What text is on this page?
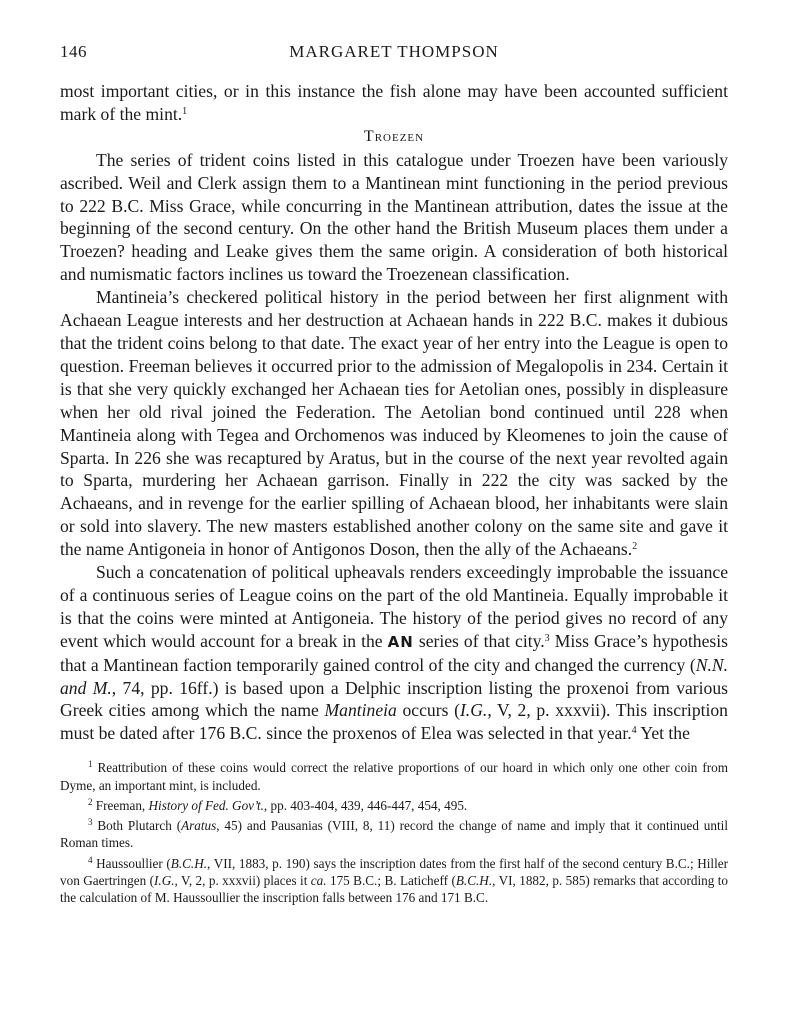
146	MARGARET THOMPSON

most important cities, or in this instance the fish alone may have been accounted sufficient mark of the mint.$^1$

Troezen

The series of trident coins listed in this catalogue under Troezen have been variously ascribed. Weil and Clerk assign them to a Mantinean mint functioning in the period previous to 222 B.C. Miss Grace, while concurring in the Mantinean attribution, dates the issue at the beginning of the second century. On the other hand the British Museum places them under a Troezen? heading and Leake gives them the same origin. A consideration of both historical and numismatic factors inclines us toward the Troezenean classification.

Mantineia’s checkered political history in the period between her first alignment with Achaean League interests and her destruction at Achaean hands in 222 B.C. makes it dubious that the trident coins belong to that date. The exact year of her entry into the League is open to question. Freeman believes it occurred prior to the admission of Megalopolis in 234. Certain it is that she very quickly exchanged her Achaean ties for Aetolian ones, possibly in displeasure when her old rival joined the Federation. The Aetolian bond continued until 228 when Mantineia along with Tegea and Orchomenos was induced by Kleomenes to join the cause of Sparta. In 226 she was recaptured by Aratus, but in the course of the next year revolted again to Sparta, murdering her Achaean garrison. Finally in 222 the city was sacked by the Achaeans, and in revenge for the earlier spilling of Achaean blood, her inhabitants were slain or sold into slavery. The new masters established another colony on the same site and gave it the name Antigoneia in honor of Antigonos Doson, then the ally of the Achaeans.$^2$

Such a concatenation of political upheavals renders exceedingly improbable the issuance of a continuous series of League coins on the part of the old Mantineia. Equally improbable it is that the coins were minted at Antigoneia. The history of the period gives no record of any event which would account for a break in the AN series of that city.$^3$ Miss Grace’s hypothesis that a Mantinean faction temporarily gained control of the city and changed the currency (N.N. and M., 74, pp. 16ff.) is based upon a Delphic inscription listing the proxenoi from various Greek cities among which the name Mantineia occurs (I.G., V, 2, p. xxxvii). This inscription must be dated after 176 B.C. since the proxenos of Elea was selected in that year.$^4$ Yet the

$^1$ Reattribution of these coins would correct the relative proportions of our hoard in which only one other coin from Dyme, an important mint, is included.

$^2$ Freeman, History of Fed. Gov’t., pp. 403-404, 439, 446-447, 454, 495.

$^3$ Both Plutarch (Aratus, 45) and Pausanias (VIII, 8, 11) record the change of name and imply that it continued until Roman times.

$^4$ Haussoullier (B.C.H., VII, 1883, p. 190) says the inscription dates from the first half of the second century B.C.; Hiller von Gaertringen (I.G., V, 2, p. xxxvii) places it ca. 175 B.C.; B. Laticheff (B.C.H., VI, 1882, p. 585) remarks that according to the calculation of M. Haussoullier the inscription falls between 176 and 171 B.C.
